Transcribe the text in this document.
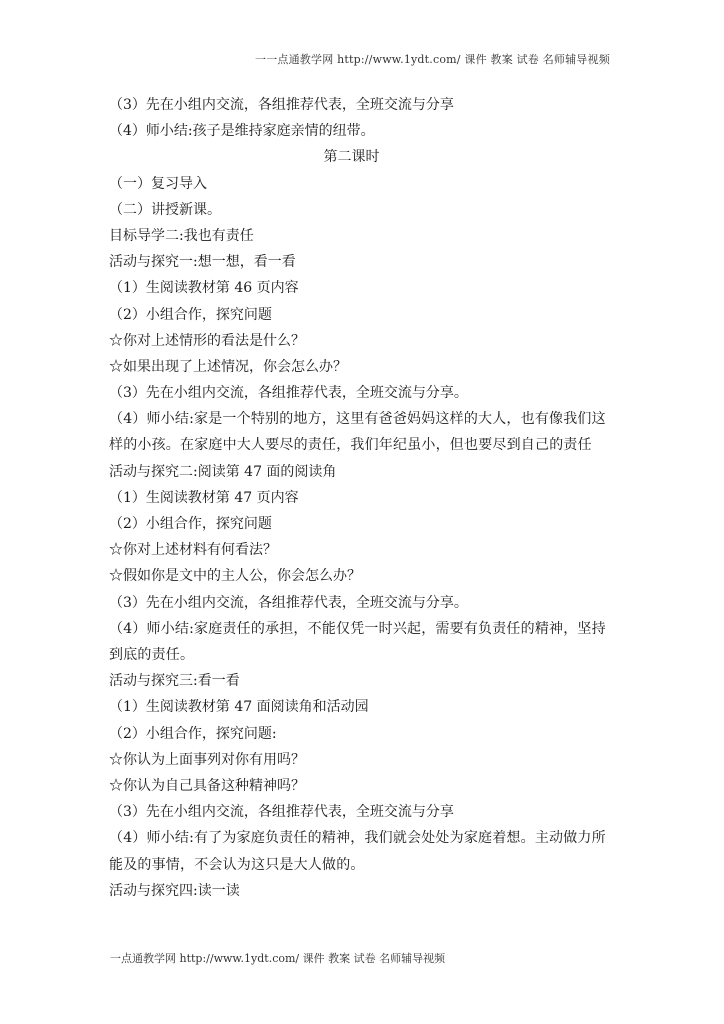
一一点通教学网 http://www.1ydt.com/ 课件 教案 试卷 名师辅导视频
（3）先在小组内交流，各组推荐代表，全班交流与分享
（4）师小结:孩子是维持家庭亲情的纽带。
第二课时
（一）复习导入
（二）讲授新课。
目标导学二:我也有责任
活动与探究一:想一想，看一看
（1）生阅读教材第 46 页内容
（2）小组合作，探究问题
☆你对上述情形的看法是什么？
☆如果出现了上述情况，你会怎么办？
（3）先在小组内交流，各组推荐代表，全班交流与分享。
（4）师小结:家是一个特别的地方，这里有爸爸妈妈这样的大人，也有像我们这样的小孩。在家庭中大人要尽的责任，我们年纪虽小，但也要尽到自己的责任
活动与探究二:阅读第 47 面的阅读角
（1）生阅读教材第 47 页内容
（2）小组合作，探究问题
☆你对上述材料有何看法？
☆假如你是文中的主人公，你会怎么办？
（3）先在小组内交流，各组推荐代表，全班交流与分享。
（4）师小结:家庭责任的承担，不能仅凭一时兴起，需要有负责任的精神，坚持到底的责任。
活动与探究三:看一看
（1）生阅读教材第 47 面阅读角和活动园
（2）小组合作，探究问题:
☆你认为上面事列对你有用吗？
☆你认为自己具备这种精神吗？
（3）先在小组内交流，各组推荐代表，全班交流与分享
（4）师小结:有了为家庭负责任的精神，我们就会处处为家庭着想。主动做力所能及的事情，不会认为这只是大人做的。
活动与探究四:读一读
一点通教学网 http://www.1ydt.com/ 课件 教案 试卷 名师辅导视频
